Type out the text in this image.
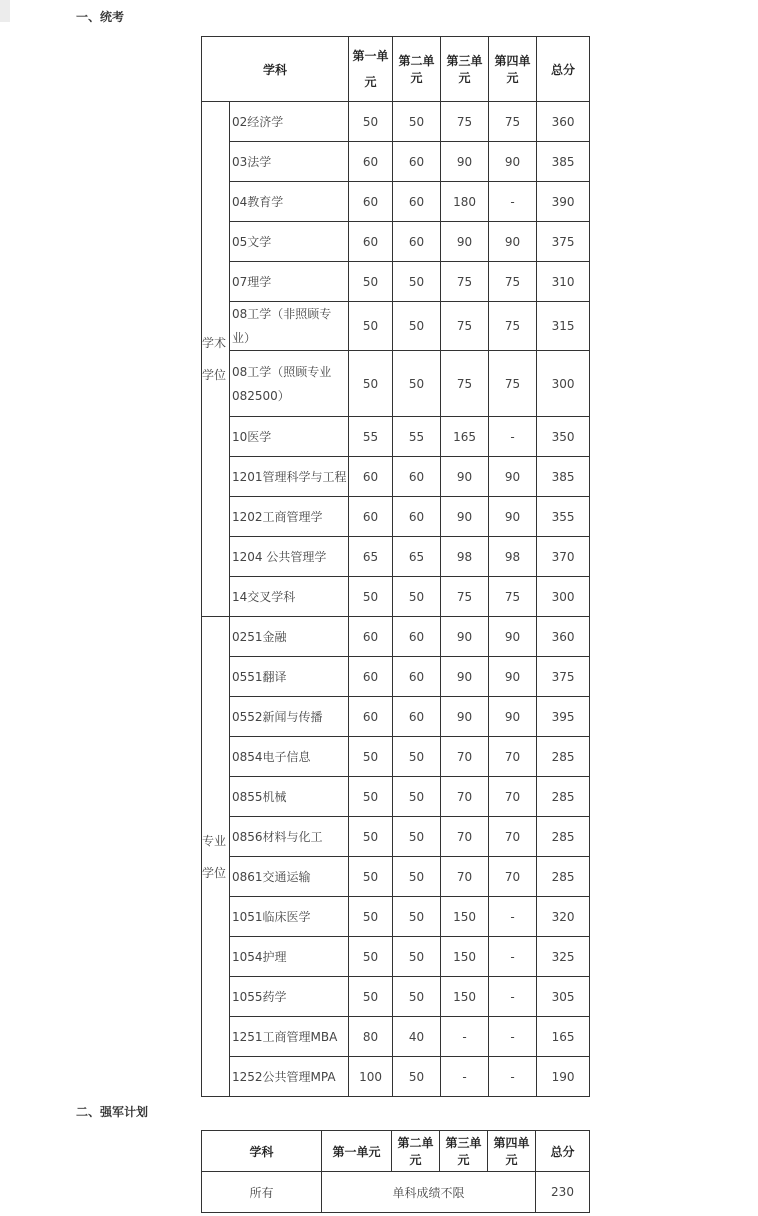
一、统考
学科		第一单元	第二单元	第三单元	第四单元	总分
学术学位	02经济学	50	50	75	75	360
	03法学	60	60	90	90	385
	04教育学	60	60	180	-	390
	05文学	60	60	90	90	375
	07理学	50	50	75	75	310
	08工学（非照顾专业）	50	50	75	75	315
	08工学（照顾专业082500）	50	50	75	75	300
	10医学	55	55	165	-	350
	1201管理科学与工程	60	60	90	90	385
	1202工商管理学	60	60	90	90	355
	1204 公共管理学	65	65	98	98	370
	14交叉学科	50	50	75	75	300
专业学位	0251金融	60	60	90	90	360
	0551翻译	60	60	90	90	375
	0552新闻与传播	60	60	90	90	395
	0854电子信息	50	50	70	70	285
	0855机械	50	50	70	70	285
	0856材料与化工	50	50	70	70	285
	0861交通运输	50	50	70	70	285
	1051临床医学	50	50	150	-	320
	1054护理	50	50	150	-	325
	1055药学	50	50	150	-	305
	1251工商管理MBA	80	40	-	-	165
	1252公共管理MPA	100	50	-	-	190
二、强军计划
学科	第一单元	第二单元	第三单元	第四单元	总分
所有	单科成绩不限				230
